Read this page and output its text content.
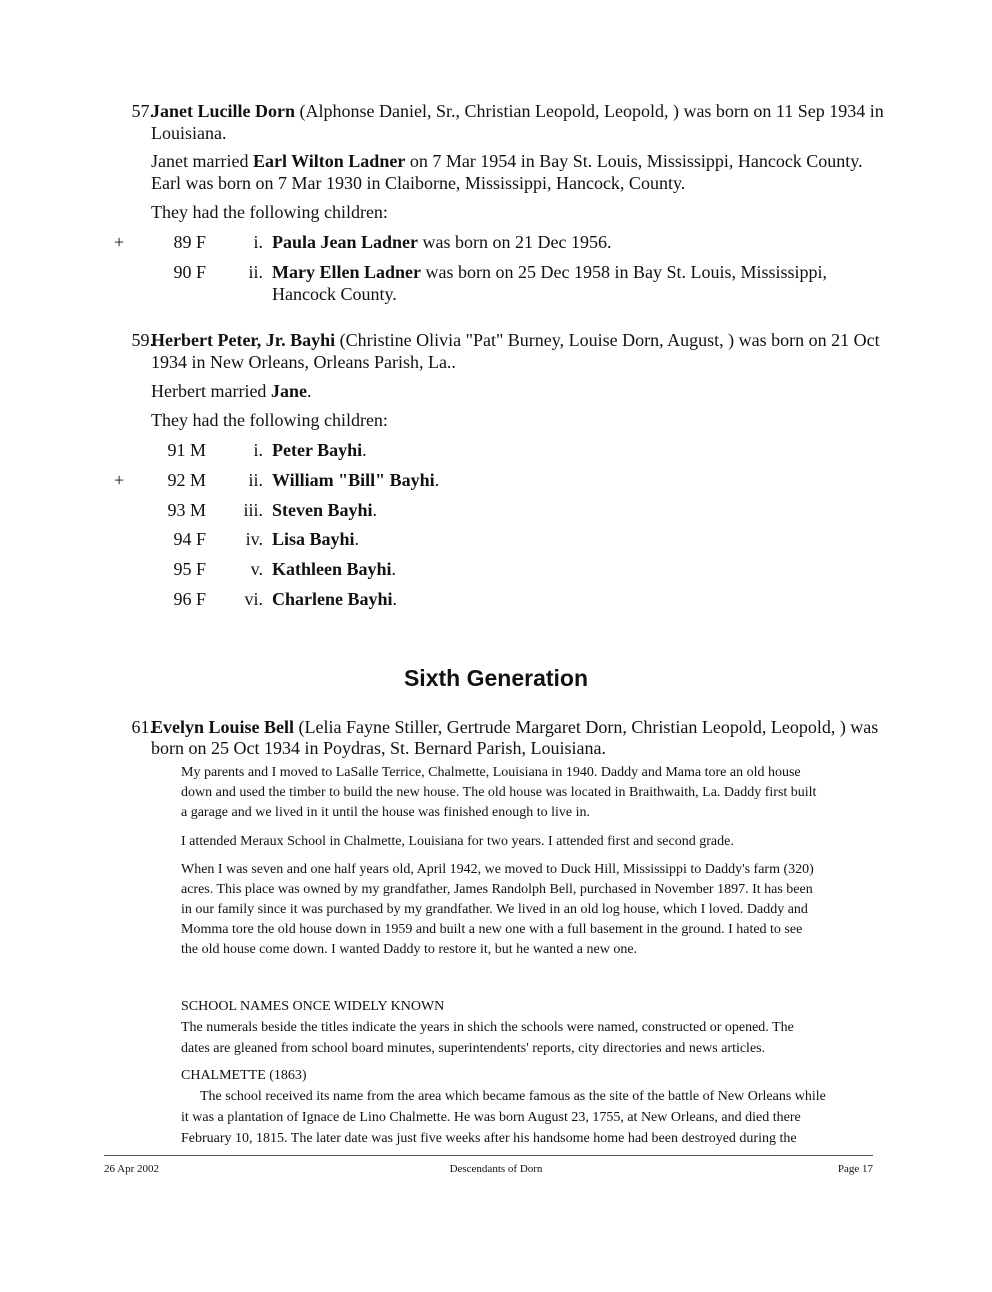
57.
Janet Lucille Dorn (Alphonse Daniel, Sr., Christian Leopold, Leopold, ) was born on 11 Sep 1934 in
Louisiana.
Janet married Earl Wilton Ladner on 7 Mar 1954 in Bay St. Louis, Mississippi, Hancock County.
Earl was born on 7 Mar 1930 in Claiborne, Mississippi, Hancock, County.
They had the following children:
+	89 F	i. Paula Jean Ladner was born on 21 Dec 1956.
90 F	ii. Mary Ellen Ladner was born on 25 Dec 1958 in Bay St. Louis, Mississippi,
Hancock County.
59.
Herbert Peter, Jr. Bayhi (Christine Olivia "Pat" Burney, Louise Dorn, August, ) was born on 21 Oct
1934 in New Orleans, Orleans Parish, La..
Herbert married Jane.
They had the following children:
91 M	i. Peter Bayhi.
+	92 M	ii. William "Bill" Bayhi.
93 M	iii. Steven Bayhi.
94 F	iv. Lisa Bayhi.
95 F	v. Kathleen Bayhi.
96 F	vi. Charlene Bayhi.
Sixth Generation
61.
Evelyn Louise Bell (Lelia Fayne Stiller, Gertrude Margaret Dorn, Christian Leopold, Leopold, ) was
born on 25 Oct 1934 in Poydras, St. Bernard Parish, Louisiana.
My parents and I moved to LaSalle Terrice, Chalmette, Louisiana in 1940. Daddy and Mama tore an old house
down and used the timber to build the new house. The old house was located in Braithwaith, La. Daddy first built
a garage and we lived in it until the house was finished enough to live in.
I attended Meraux School in Chalmette, Louisiana for two years. I attended first and second grade.
When I was seven and one half years old, April 1942, we moved to Duck Hill, Mississippi to Daddy's farm (320)
acres. This place was owned by my grandfather, James Randolph Bell, purchased in November 1897. It has been
in our family since it was purchased by my grandfather. We lived in an old log house, which I loved. Daddy and
Momma tore the old house down in 1959 and built a new one with a full basement in the ground. I hated to see
the old house come down. I wanted Daddy to restore it, but he wanted a new one.
SCHOOL NAMES ONCE WIDELY KNOWN
The numerals beside the titles indicate the years in shich the schools were named, constructed or opened. The
dates are gleaned from school board minutes, superintendents' reports, city directories and news articles.
CHALMETTE (1863)
The school received its name from the area which became famous as the site of the battle of New Orleans while
it was a plantation of Ignace de Lino Chalmette. He was born August 23, 1755, at New Orleans, and died there
February 10, 1815. The later date was just five weeks after his handsome home had been destroyed during the
26 Apr 2002	Descendants of Dorn	Page 17
